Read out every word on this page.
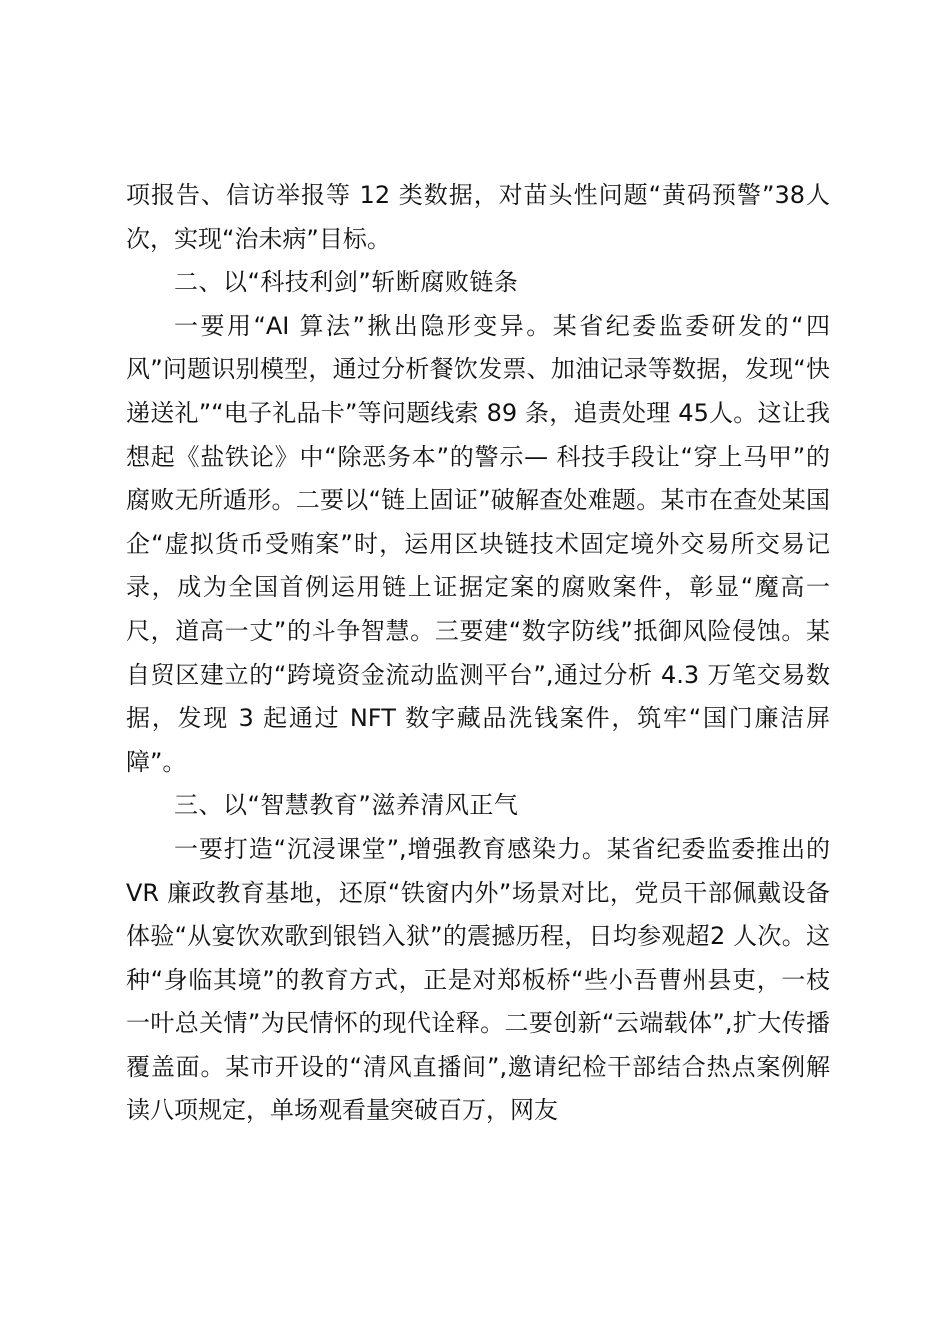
项报告、信访举报等 12 类数据，对苗头性问题“黄码预警”38人次，实现“治未病”目标。

二、以“科技利剑”斩断腐败链条

一要用“AI 算法”揪出隐形变异。某省纪委监委研发的“四风”问题识别模型，通过分析餐饮发票、加油记录等数据，发现“快递送礼”“电子礼品卡”等问题线索 89 条，追责处理 45人。这让我想起《盐铁论》中“除恶务本”的警示— 科技手段让“穿上马甲”的腐败无所遁形。二要以“链上固证”破解查处难题。某市在查处某国企“虚拟货币受贿案”时，运用区块链技术固定境外交易所交易记录，成为全国首例运用链上证据定案的腐败案件，彰显“魔高一尺，道高一丈”的斗争智慧。三要建“数字防线”抵御风险侵蚀。某自贸区建立的“跨境资金流动监测平台”,通过分析 4.3 万笔交易数据，发现 3 起通过 NFT 数字藏品洗钱案件，筑牢“国门廉洁屏障”。

三、以“智慧教育”滋养清风正气

一要打造“沉浸课堂”,增强教育感染力。某省纪委监委推出的 VR 廉政教育基地，还原“铁窗内外”场景对比，党员干部佩戴设备体验“从宴饮欢歌到银铛入狱”的震撼历程，日均参观超2 人次。这种“身临其境”的教育方式，正是对郑板桥“些小吾曹州县吏，一枝一叶总关情”为民情怀的现代诠释。二要创新“云端载体”,扩大传播覆盖面。某市开设的“清风直播间”,邀请纪检干部结合热点案例解读八项规定，单场观看量突破百万，网友
